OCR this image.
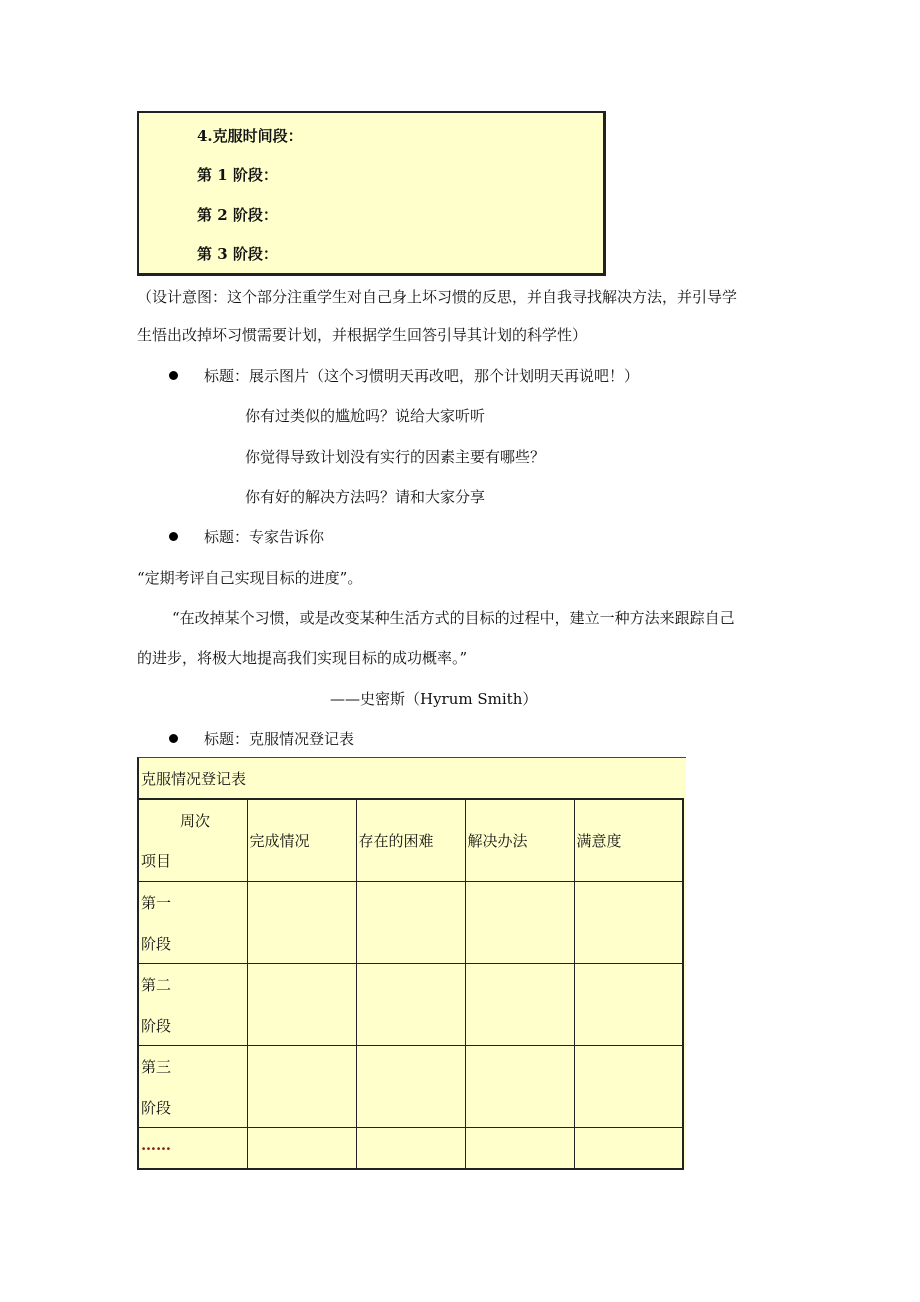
4.克服时间段：
第 1 阶段：
第 2 阶段：
第 3 阶段：
（设计意图：这个部分注重学生对自己身上坏习惯的反思，并自我寻找解决方法，并引导学
生悟出改掉坏习惯需要计划，并根据学生回答引导其计划的科学性）
标题：展示图片（这个习惯明天再改吧，那个计划明天再说吧！）
你有过类似的尴尬吗？说给大家听听
你觉得导致计划没有实行的因素主要有哪些？
你有好的解决方法吗？请和大家分享
标题：专家告诉你
“定期考评自己实现目标的进度”。
“在改掉某个习惯，或是改变某种生活方式的目标的过程中，建立一种方法来跟踪自己
的进步，将极大地提高我们实现目标的成功概率。”
——史密斯（Hyrum Smith）
标题：克服情况登记表
克服情况登记表
周次
项目	完成情况	存在的困难	解决办法	满意度

第一
阶段				

第二
阶段				

第三
阶段				

……				
